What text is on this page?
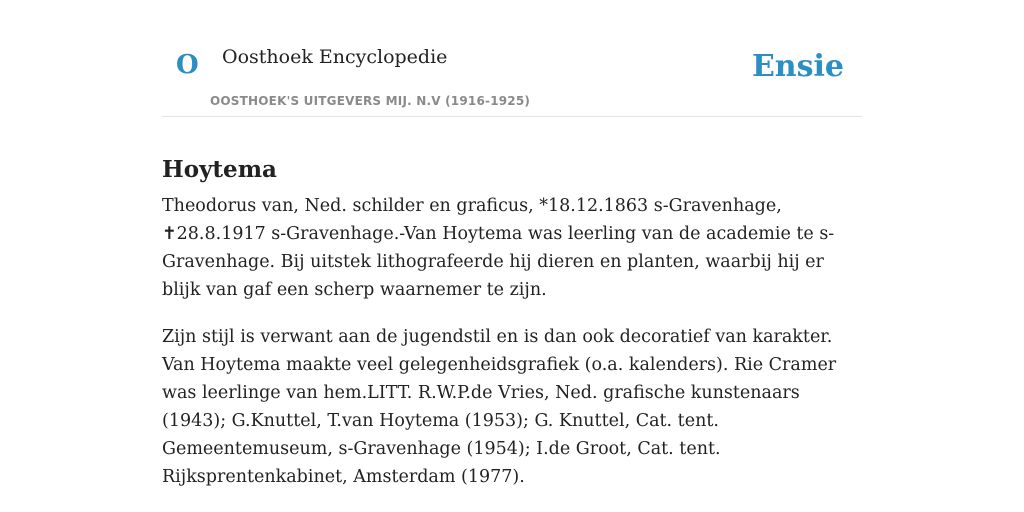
O Oosthoek Encyclopedie
OOSTHOEK'S UITGEVERS MIJ. N.V (1916-1925)
Ensie
Hoytema

Theodorus van, Ned. schilder en graficus, *18.12.1863 s-Gravenhage, ✝28.8.1917 s-Gravenhage.-Van Hoytema was leerling van de academie te s-Gravenhage. Bij uitstek lithografeerde hij dieren en planten, waarbij hij er blijk van gaf een scherp waarnemer te zijn.

Zijn stijl is verwant aan de jugendstil en is dan ook decoratief van karakter. Van Hoytema maakte veel gelegenheidsgrafiek (o.a. kalenders). Rie Cramer was leerlinge van hem.LITT. R.W.P.de Vries, Ned. grafische kunstenaars (1943); G.Knuttel, T.van Hoytema (1953); G. Knuttel, Cat. tent. Gemeentemuseum, s-Gravenhage (1954); I.de Groot, Cat. tent. Rijksprentenkabinet, Amsterdam (1977).
